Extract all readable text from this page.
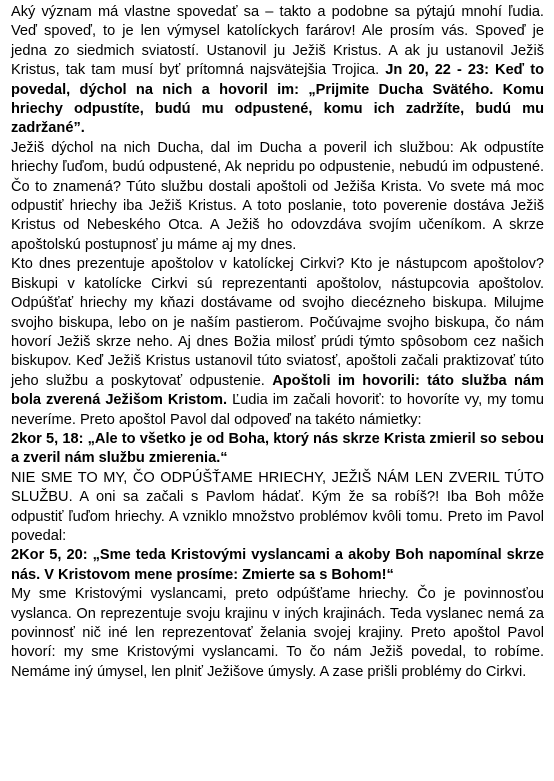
Aký význam má vlastne spovedať sa – takto a podobne sa pýtajú mnohí ľudia. Veď spoveď, to je len výmysel katolíckych farárov! Ale prosím vás. Spoveď je jedna zo siedmich sviatostí. Ustanovil ju Ježiš Kristus. A ak ju ustanovil Ježiš Kristus, tak tam musí byť prítomná najsvätejšia Trojica. Jn 20, 22 - 23: Keď to povedal, dýchol na nich a hovoril im: „Prijmite Ducha Svätého. Komu hriechy odpustíte, budú mu odpustené, komu ich zadržíte, budú mu zadržané”.

Ježiš dýchol na nich Ducha, dal im Ducha a poveril ich službou: Ak odpustíte hriechy ľuďom, budú odpustené, Ak nepridu po odpustenie, nebudú im odpustené. Čo to znamená? Túto službu dostali apoštoli od Ježiša Krista. Vo svete má moc odpustiť hriechy iba Ježiš Kristus. A toto poslanie, toto poverenie dostáva Ježiš Kristus od Nebeského Otca. A Ježiš ho odovzdáva svojím učeníkom. A skrze apoštolskú postupnosť ju máme aj my dnes.

Kto dnes prezentuje apoštolov v katolíckej Cirkvi? Kto je nástupcom apoštolov? Biskupi v katolícke Cirkvi sú reprezentanti apoštolov, nástupcovia apoštolov. Odpúšťať hriechy my kňazi dostávame od svojho diecézneho biskupa. Milujme svojho biskupa, lebo on je naším pastierom. Počúvajme svojho biskupa, čo nám hovorí Ježiš skrze neho. Aj dnes Božia milosť prúdi týmto spôsobom cez našich biskupov. Keď Ježiš Kristus ustanovil túto sviatosť, apoštoli začali praktizovať túto jeho službu a poskytovať odpustenie. Apoštoli im hovorili: táto služba nám bola zverená Ježišom Kristom. Ľudia im začali hovoriť: to hovoríte vy, my tomu neveríme. Preto apoštol Pavol dal odpoveď na takéto námietky:

2kor 5, 18: „Ale to všetko je od Boha, ktorý nás skrze Krista zmieril so sebou a zveril nám službu zmierenia.“

NIE SME TO MY, ČO ODPÚŠŤAME HRIECHY, JEŽIŠ NÁM LEN ZVERIL TÚTO SLUŽBU. A oni sa začali s Pavlom hádať. Kým že sa robíš?! Iba Boh môže odpustiť ľuďom hriechy. A vzniklo množstvo problémov kvôli tomu. Preto im Pavol povedal:

2Kor 5, 20: „Sme teda Kristovými vyslancami a akoby Boh napomínal skrze nás. V Kristovom mene prosíme: Zmierte sa s Bohom!“

My sme Kristovými vyslancami, preto odpúšťame hriechy. Čo je povinnosťou vyslanca. On reprezentuje svoju krajinu v iných krajinách. Teda vyslanec nemá za povinnosť nič iné len reprezentovať želania svojej krajiny. Preto apoštol Pavol hovorí: my sme Kristovými vyslancami. To čo nám Ježiš povedal, to robíme. Nemáme iný úmysel, len plniť Ježišove úmysly. A zase prišli problémy do Cirkvi.
